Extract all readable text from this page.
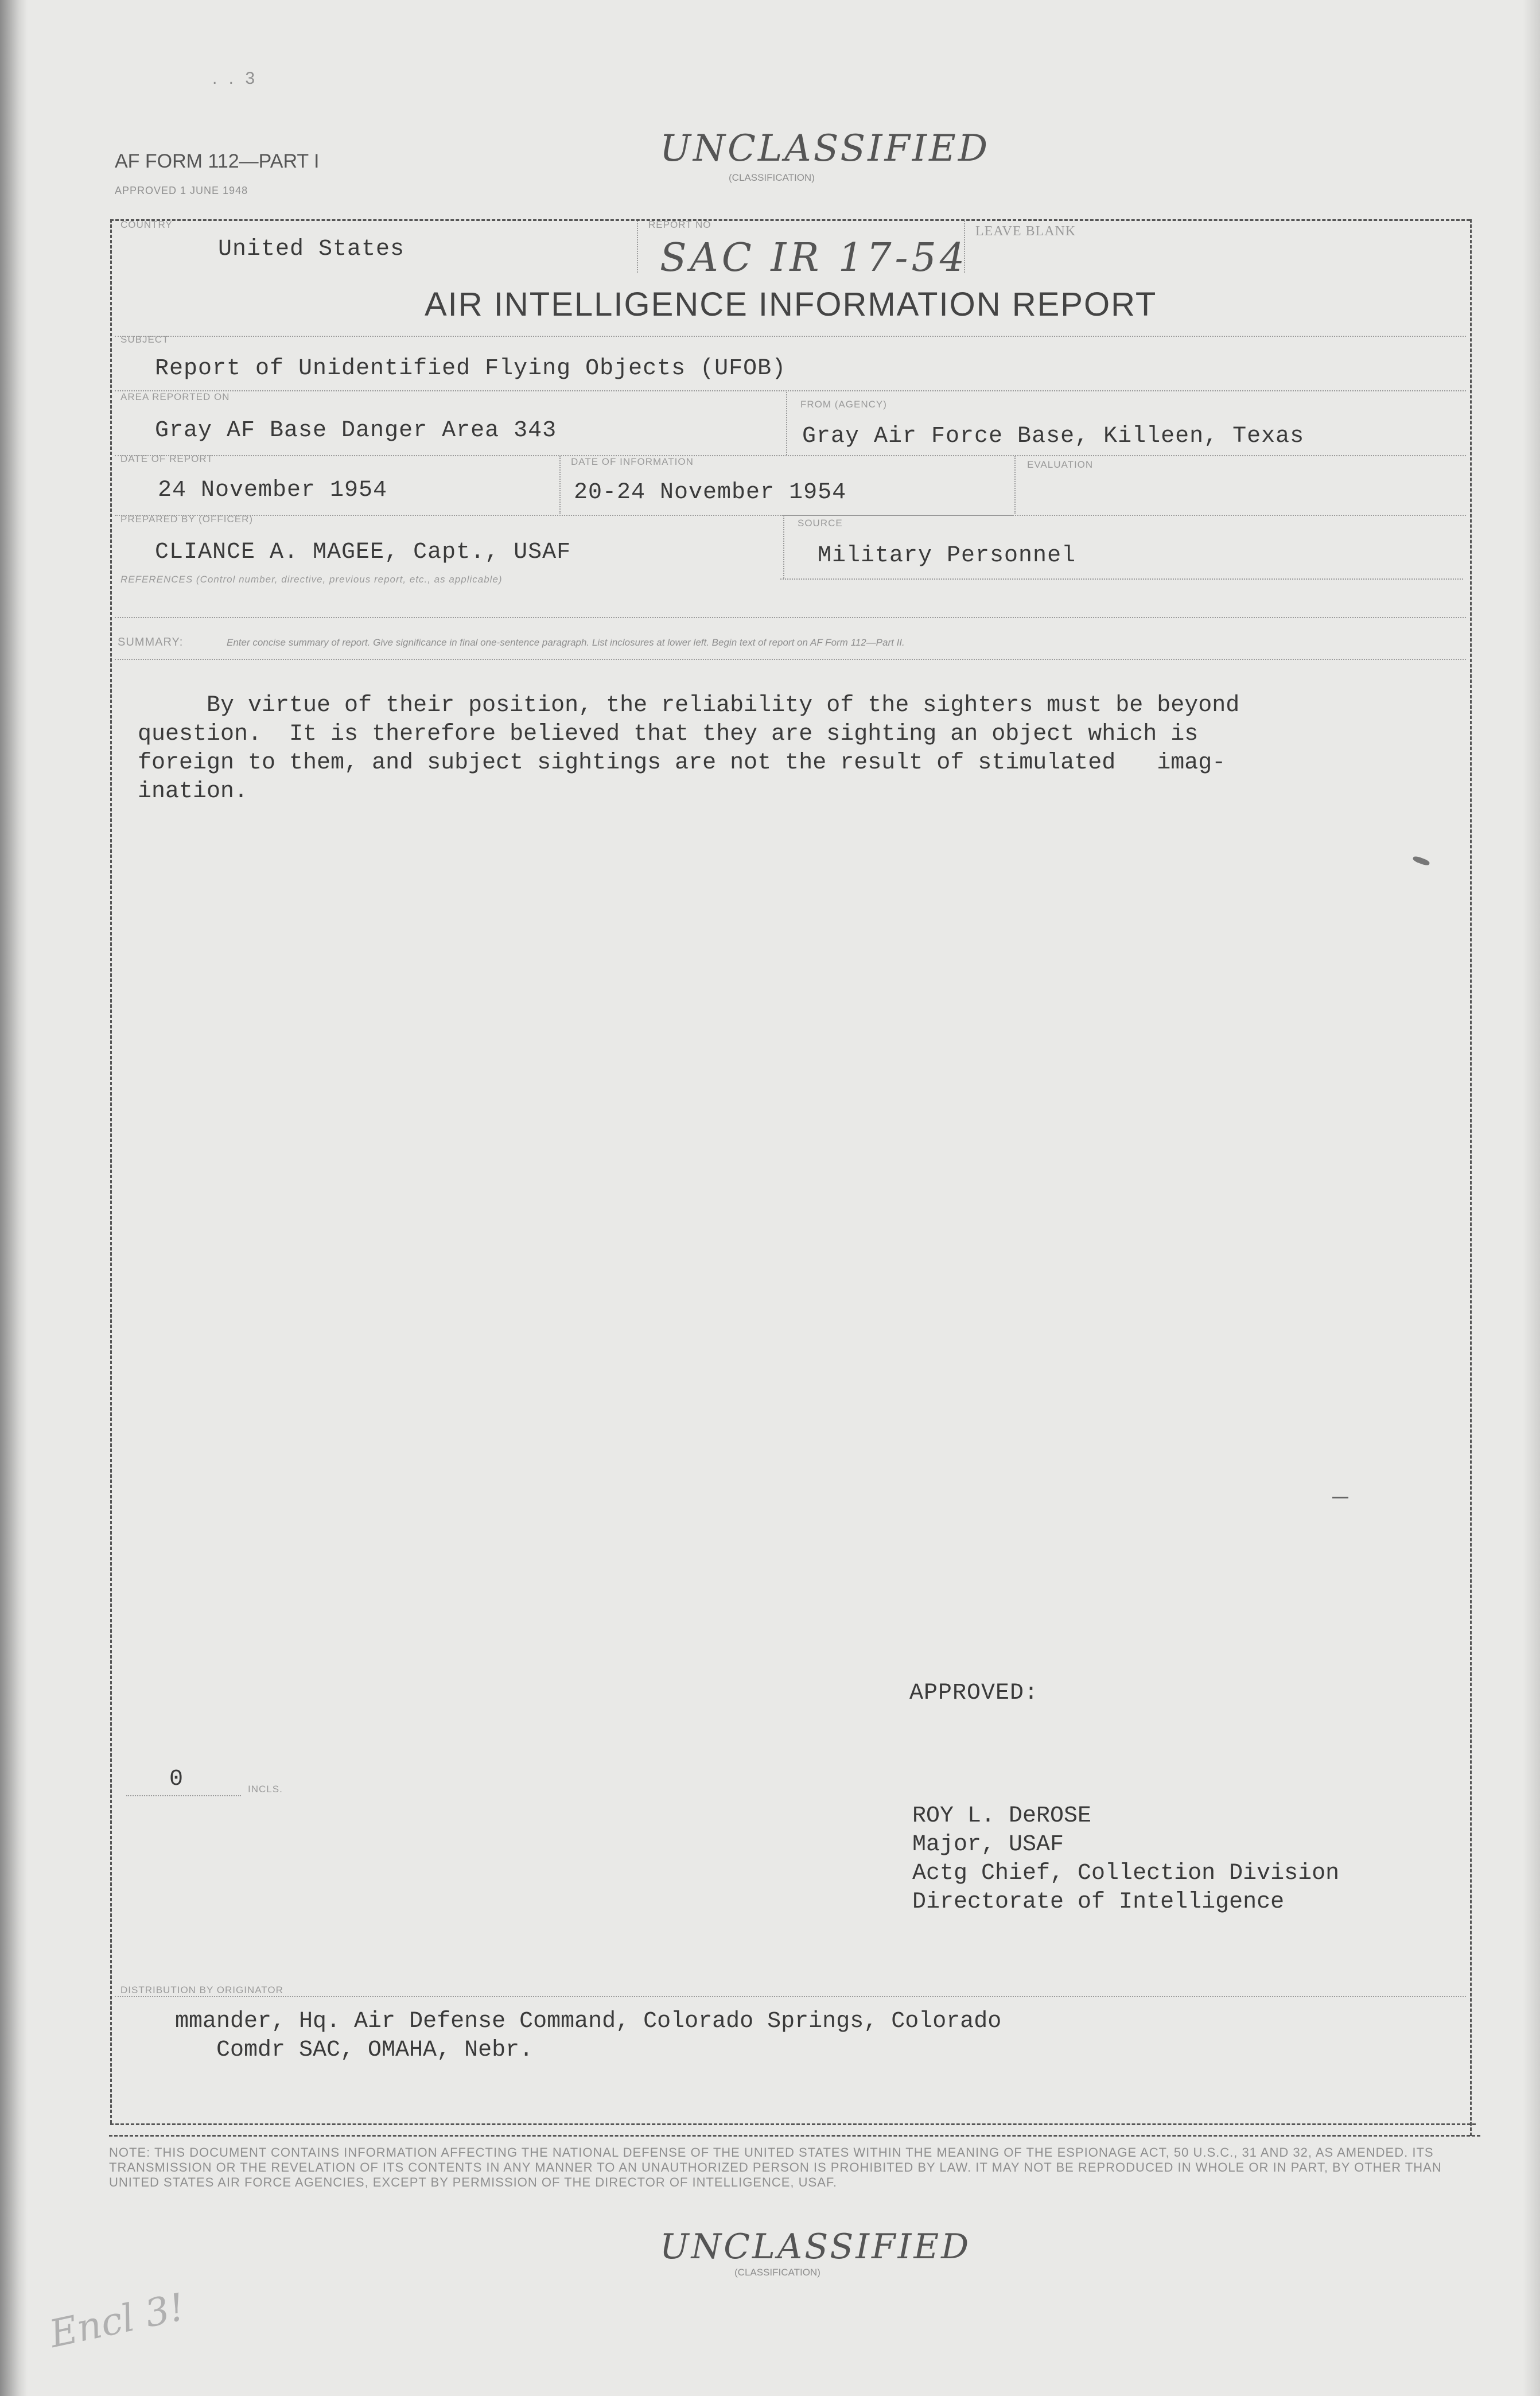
. . 3
AF FORM 112—PART I
APPROVED 1 JUNE 1948
UNCLASSIFIED
(CLASSIFICATION)
COUNTRY
United States
REPORT NO
SAC IR 17-54
LEAVE BLANK
AIR INTELLIGENCE INFORMATION REPORT
SUBJECT
Report of Unidentified Flying Objects (UFOB)
AREA REPORTED ON
Gray AF Base Danger Area 343
FROM (AGENCY)
Gray Air Force Base, Killeen, Texas
DATE OF REPORT
24 November 1954
DATE OF INFORMATION
20-24 November 1954
EVALUATION
PREPARED BY (OFFICER)
CLIANCE A. MAGEE, Capt., USAF
SOURCE
Military Personnel
REFERENCES (Control number, directive, previous report, etc., as applicable)
SUMMARY:	Enter concise summary of report. Give significance in final one-sentence paragraph. List inclosures at lower left. Begin text of report on AF Form 112—Part II.
By virtue of their position, the reliability of the sighters must be beyond
question.  It is therefore believed that they are sighting an object which is
foreign to them, and subject sightings are not the result of stimulated   imag-
ination.
APPROVED:
ROY L. DeROSE
Major, USAF
Actg Chief, Collection Division
Directorate of Intelligence
0	INCLS.
DISTRIBUTION BY ORIGINATOR
mmander, Hq. Air Defense Command, Colorado Springs, Colorado
Comdr SAC, OMAHA, Nebr.
NOTE: THIS DOCUMENT CONTAINS INFORMATION AFFECTING THE NATIONAL DEFENSE OF THE UNITED STATES WITHIN THE MEANING OF THE ESPIONAGE ACT, 50 U.S.C., 31 AND 32, AS AMENDED. ITS TRANSMISSION OR THE REVELATION OF ITS CONTENTS IN ANY MANNER TO AN UNAUTHORIZED PERSON IS PROHIBITED BY LAW. IT MAY NOT BE REPRODUCED IN WHOLE OR IN PART, BY OTHER THAN UNITED STATES AIR FORCE AGENCIES, EXCEPT BY PERMISSION OF THE DIRECTOR OF INTELLIGENCE, USAF.
UNCLASSIFIED
(CLASSIFICATION)
Encl 3!
